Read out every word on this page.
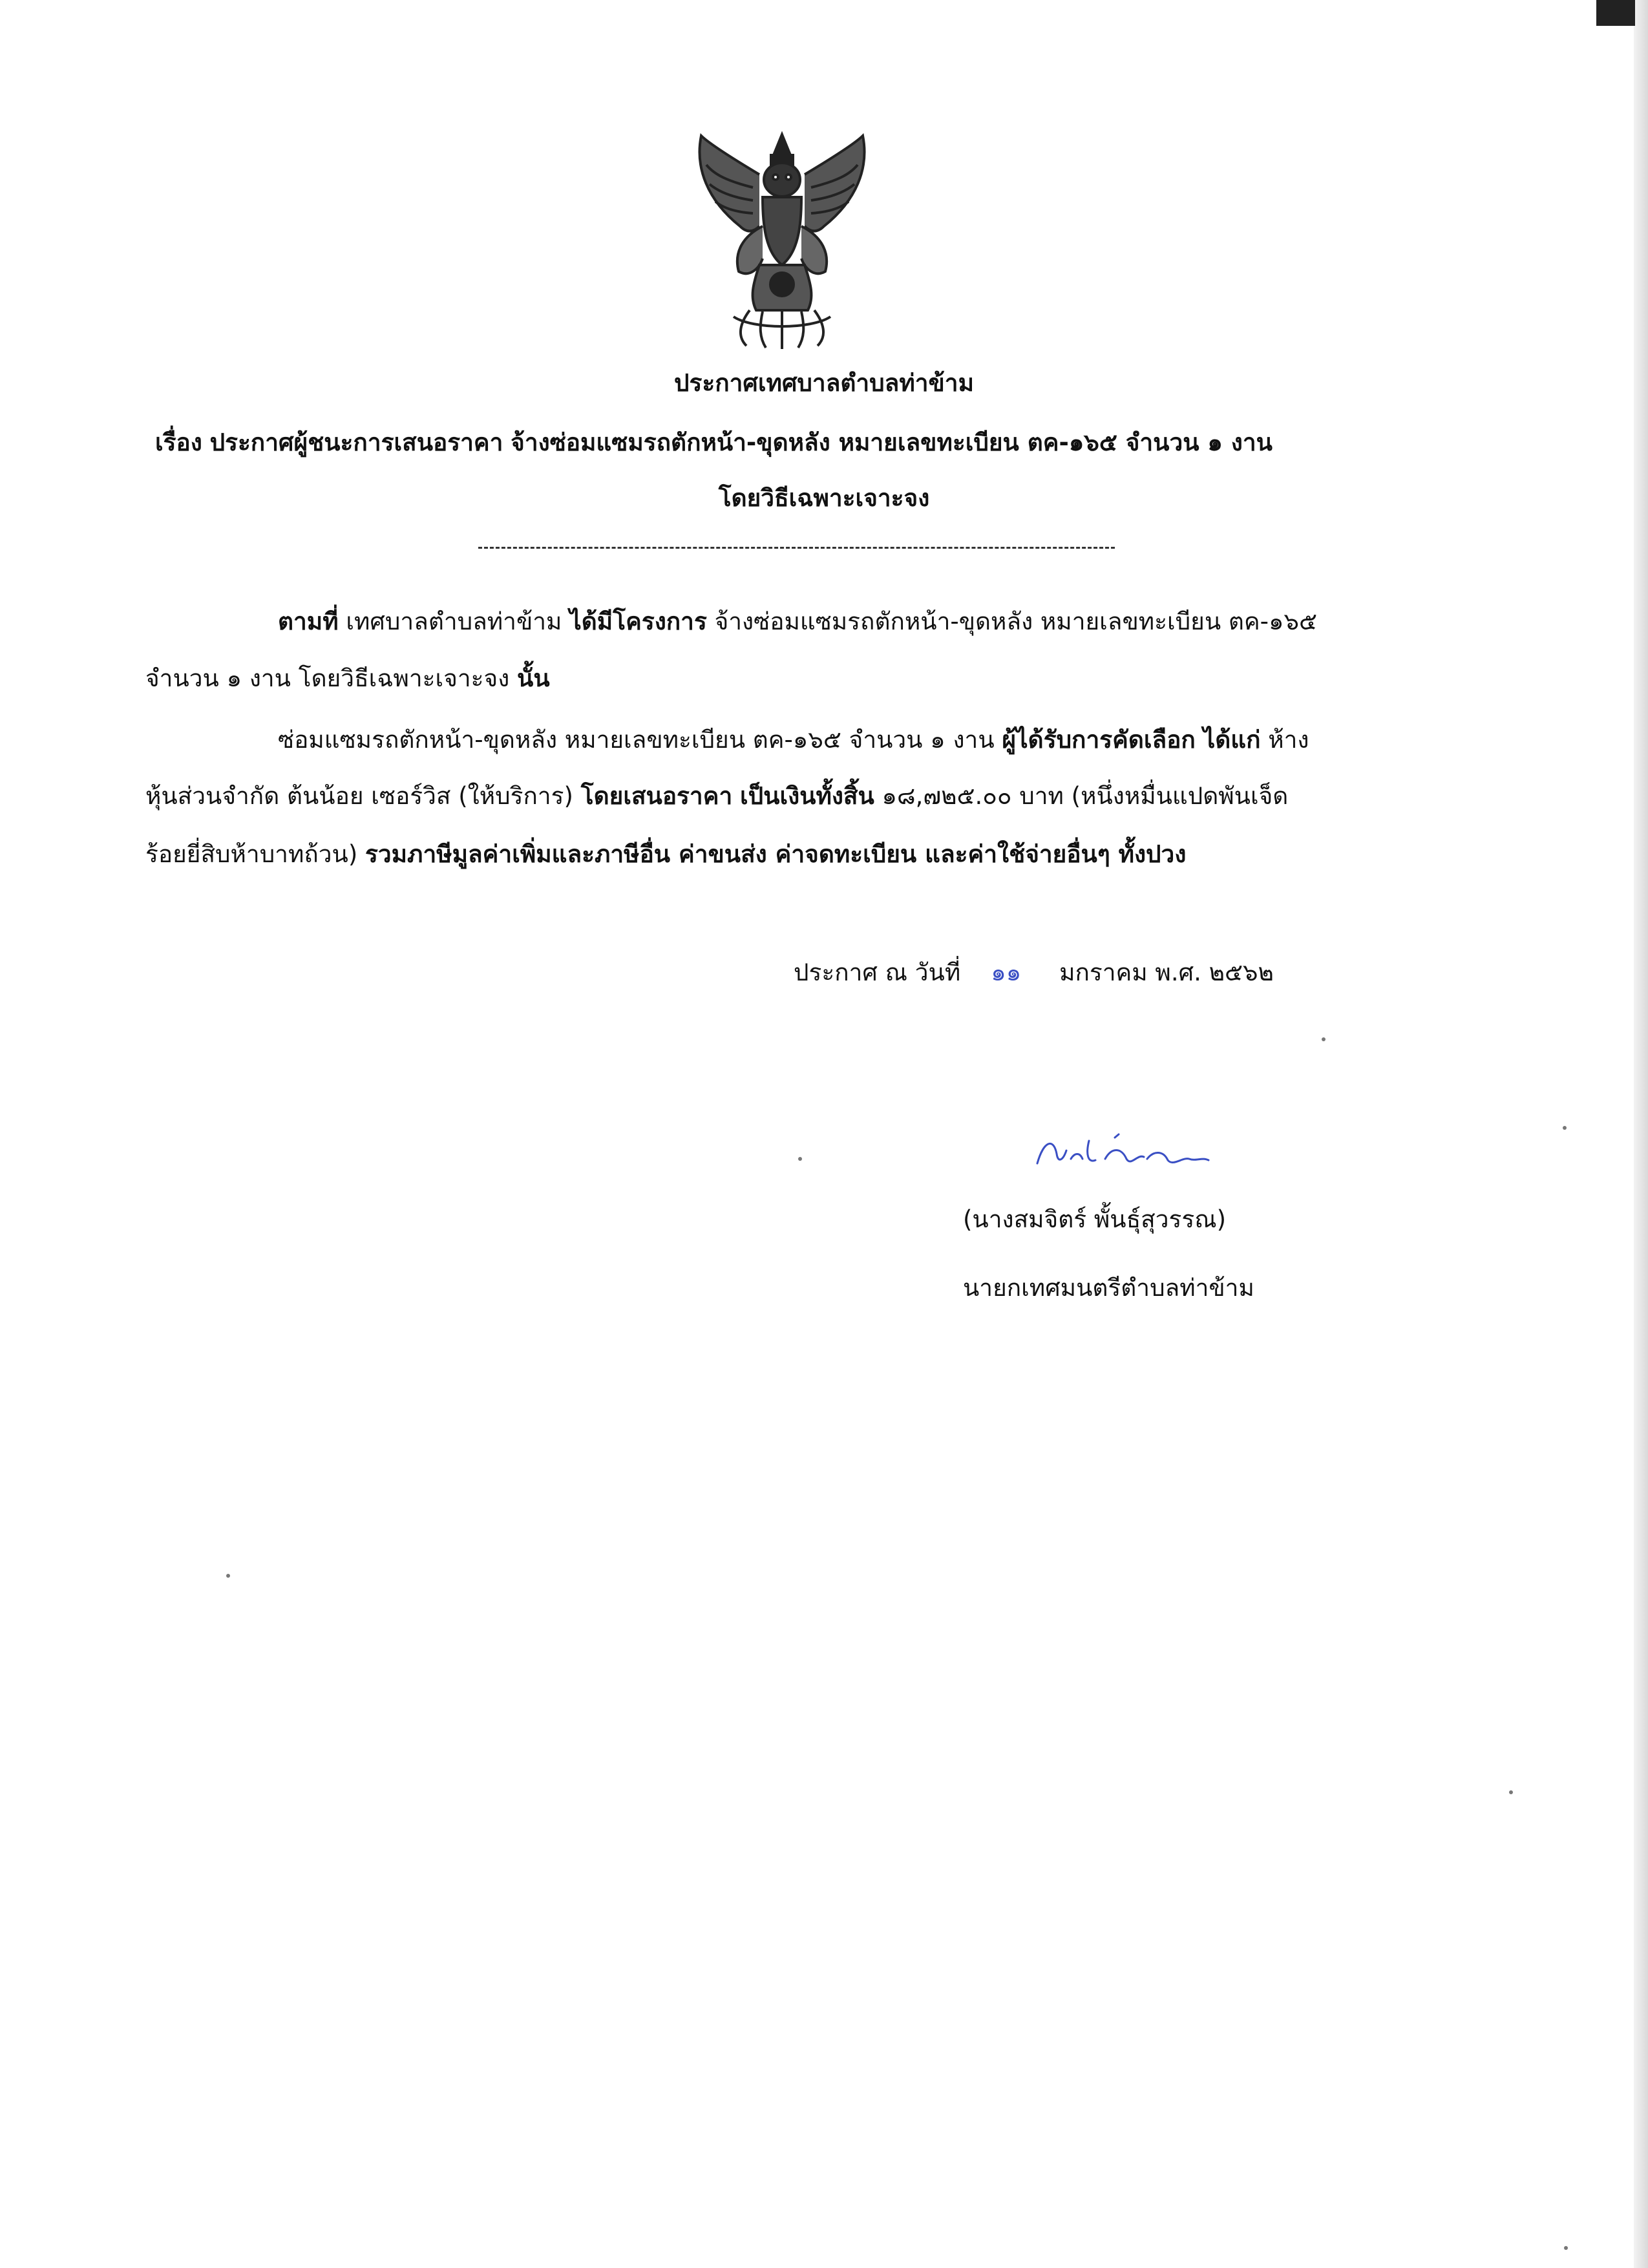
ประกาศเทศบาลตำบลท่าข้าม
เรื่อง ประกาศผู้ชนะการเสนอราคา จ้างซ่อมแซมรถตักหน้า-ขุดหลัง หมายเลขทะเบียน ตค-๑๖๕ จำนวน ๑ งาน
โดยวิธีเฉพาะเจาะจง
ตามที่ เทศบาลตำบลท่าข้าม ได้มีโครงการ จ้างซ่อมแซมรถตักหน้า-ขุดหลัง หมายเลขทะเบียน ตค-๑๖๕
จำนวน ๑ งาน โดยวิธีเฉพาะเจาะจง นั้น
ซ่อมแซมรถตักหน้า-ขุดหลัง หมายเลขทะเบียน ตค-๑๖๕ จำนวน ๑ งาน ผู้ได้รับการคัดเลือก ได้แก่ ห้าง
หุ้นส่วนจำกัด ต้นน้อย เซอร์วิส (ให้บริการ) โดยเสนอราคา เป็นเงินทั้งสิ้น ๑๘,๗๒๕.๐๐ บาท (หนึ่งหมื่นแปดพันเจ็ด
ร้อยยี่สิบห้าบาทถ้วน) รวมภาษีมูลค่าเพิ่มและภาษีอื่น ค่าขนส่ง ค่าจดทะเบียน และค่าใช้จ่ายอื่นๆ ทั้งปวง
ประกาศ ณ วันที่ ๑๑ มกราคม พ.ศ. ๒๕๖๒
(นางสมจิตร์ พั้นธุ์สุวรรณ)
นายกเทศมนตรีตำบลท่าข้าม
